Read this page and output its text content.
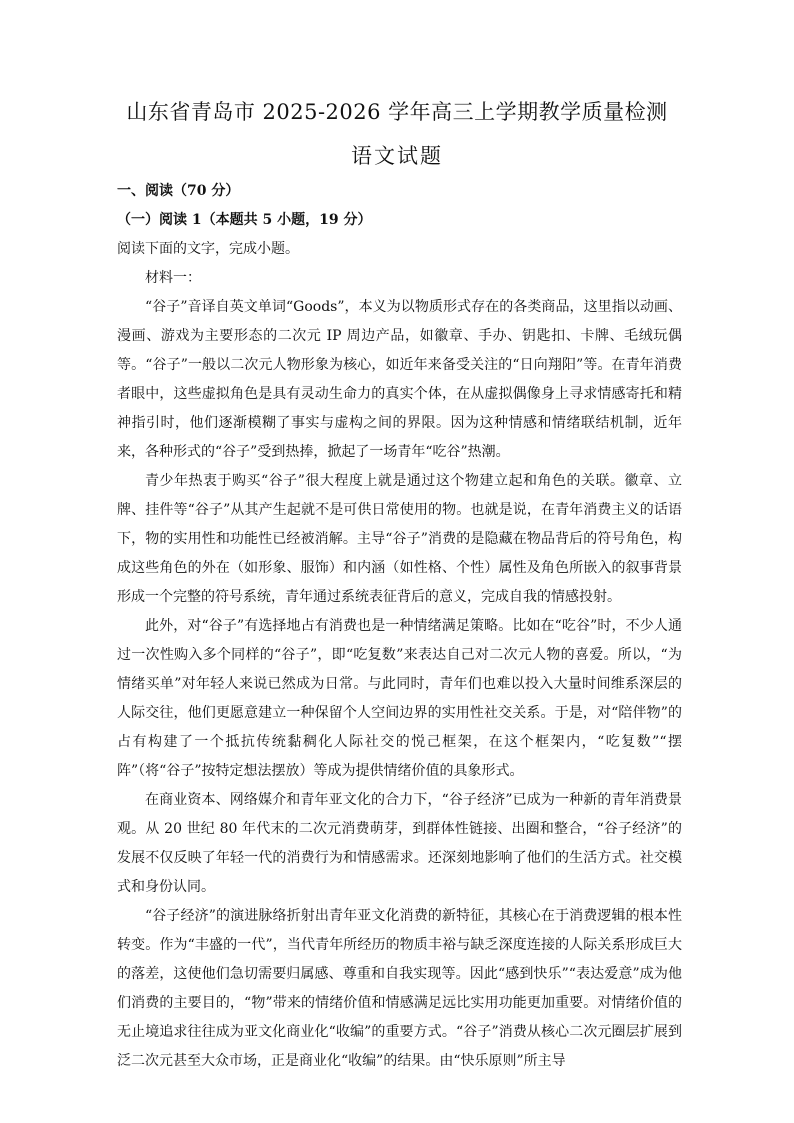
山东省青岛市 2025-2026 学年高三上学期教学质量检测
语文试题
一、阅读（70 分）
（一）阅读 1（本题共 5 小题，19 分）
阅读下面的文字，完成小题。
材料一：
“谷子”音译自英文单词“Goods”，本义为以物质形式存在的各类商品，这里指以动画、漫画、游戏为主要形态的二次元 IP 周边产品，如徽章、手办、钥匙扣、卡牌、毛绒玩偶等。“谷子”一般以二次元人物形象为核心，如近年来备受关注的“日向翔阳”等。在青年消费者眼中，这些虚拟角色是具有灵动生命力的真实个体，在从虚拟偶像身上寻求情感寄托和精神指引时，他们逐渐模糊了事实与虚构之间的界限。因为这种情感和情绪联结机制，近年来，各种形式的“谷子”受到热捧，掀起了一场青年“吃谷”热潮。
青少年热衷于购买“谷子”很大程度上就是通过这个物建立起和角色的关联。徽章、立牌、挂件等“谷子”从其产生起就不是可供日常使用的物。也就是说，在青年消费主义的话语下，物的实用性和功能性已经被消解。主导“谷子”消费的是隐藏在物品背后的符号角色，构成这些角色的外在（如形象、服饰）和内涵（如性格、个性）属性及角色所嵌入的叙事背景形成一个完整的符号系统，青年通过系统表征背后的意义，完成自我的情感投射。
此外，对“谷子”有选择地占有消费也是一种情绪满足策略。比如在“吃谷”时，不少人通过一次性购入多个同样的“谷子”，即“吃复数”来表达自己对二次元人物的喜爱。所以，“为情绪买单”对年轻人来说已然成为日常。与此同时，青年们也难以投入大量时间维系深层的人际交往，他们更愿意建立一种保留个人空间边界的实用性社交关系。于是，对“陪伴物”的占有构建了一个抵抗传统黏稠化人际社交的悦己框架，在这个框架内，“吃复数”“摆阵”（将“谷子”按特定想法摆放）等成为提供情绪价值的具象形式。
在商业资本、网络媒介和青年亚文化的合力下，“谷子经济”已成为一种新的青年消费景观。从 20 世纪 80 年代末的二次元消费萌芽，到群体性链接、出圈和整合，“谷子经济”的发展不仅反映了年轻一代的消费行为和情感需求。还深刻地影响了他们的生活方式。社交模式和身份认同。
“谷子经济”的演进脉络折射出青年亚文化消费的新特征，其核心在于消费逻辑的根本性转变。作为“丰盛的一代”，当代青年所经历的物质丰裕与缺乏深度连接的人际关系形成巨大的落差，这使他们急切需要归属感、尊重和自我实现等。因此“感到快乐”“表达爱意”成为他们消费的主要目的，“物”带来的情绪价值和情感满足远比实用功能更加重要。对情绪价值的无止境追求往往成为亚文化商业化“收编”的重要方式。“谷子”消费从核心二次元圈层扩展到泛二次元甚至大众市场，正是商业化“收编”的结果。由“快乐原则”所主导
